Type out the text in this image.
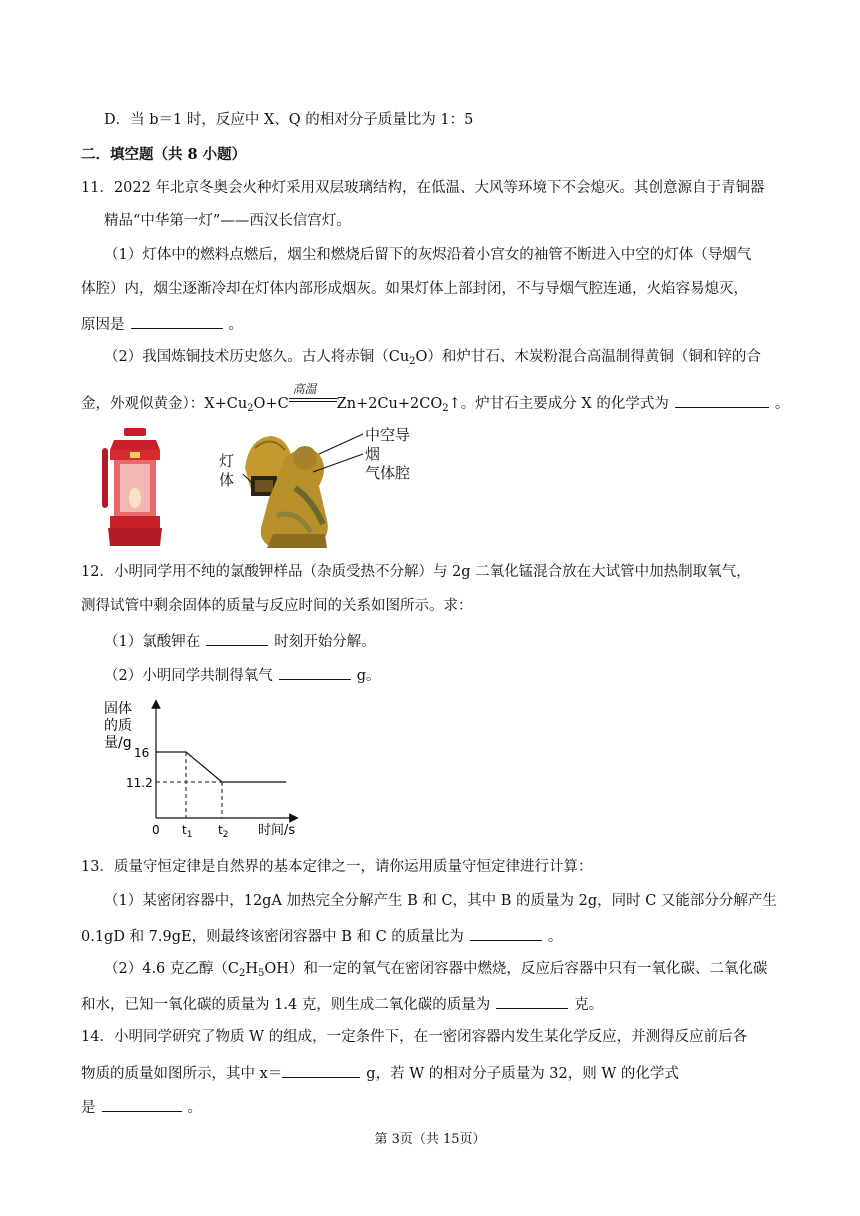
D．当 b＝1 时，反应中 X、Q 的相对分子质量比为 1：5
二．填空题（共 8 小题）
11．2022 年北京冬奥会火种灯采用双层玻璃结构，在低温、大风等环境下不会熄灭。其创意源自于青铜器
精品“中华第一灯”——西汉长信宫灯。
（1）灯体中的燃料点燃后，烟尘和燃烧后留下的灰烬沿着小宫女的袖管不断进入中空的灯体（导烟气
体腔）内，烟尘逐渐冷却在灯体内部形成烟灰。如果灯体上部封闭，不与导烟气腔连通，火焰容易熄灭，
原因是	。
（2）我国炼铜技术历史悠久。古人将赤铜$(Cu_2O)$和炉甘石、木炭粉混合高温制得黄铜（铜和锌的合
金，外观似黄金）：$X+Cu_2O+C$
高温
$Zn+2Cu+2CO_2↑$。炉甘石主要成分 X 的化学式为	。
中空导烟
气体腔
灯
体
12．小明同学用不纯的氯酸钾样品（杂质受热不分解）与 2g 二氧化锰混合放在大试管中加热制取氧气，
测得试管中剩余固体的质量与反应时间的关系如图所示。求：
（1）氯酸钾在	时刻开始分解。
（2）小明同学共制得氧气	g。
固体
的质
量/g
16
11.2
0 $t_1$ $t_2$ 时间/s
13．质量守恒定律是自然界的基本定律之一，请你运用质量守恒定律进行计算：
（1）某密闭容器中，12gA 加热完全分解产生 B 和 C，其中 B 的质量为 2g，同时 C 又能部分分解产生
0.1gD 和 7.9gE，则最终该密闭容器中 B 和 C 的质量比为	。
（2）4.6 克乙醇$(C_2H_5OH)$和一定的氧气在密闭容器中燃烧，反应后容器中只有一氧化碳、二氧化碳
和水，已知一氧化碳的质量为 1.4 克，则生成二氧化碳的质量为	克。
14．小明同学研究了物质 W 的组成，一定条件下，在一密闭容器内发生某化学反应，并测得反应前后各
物质的质量如图所示，其中 x＝	g，若 W 的相对分子质量为 32，则 W 的化学式
是	。
第 3页（共 15页）
